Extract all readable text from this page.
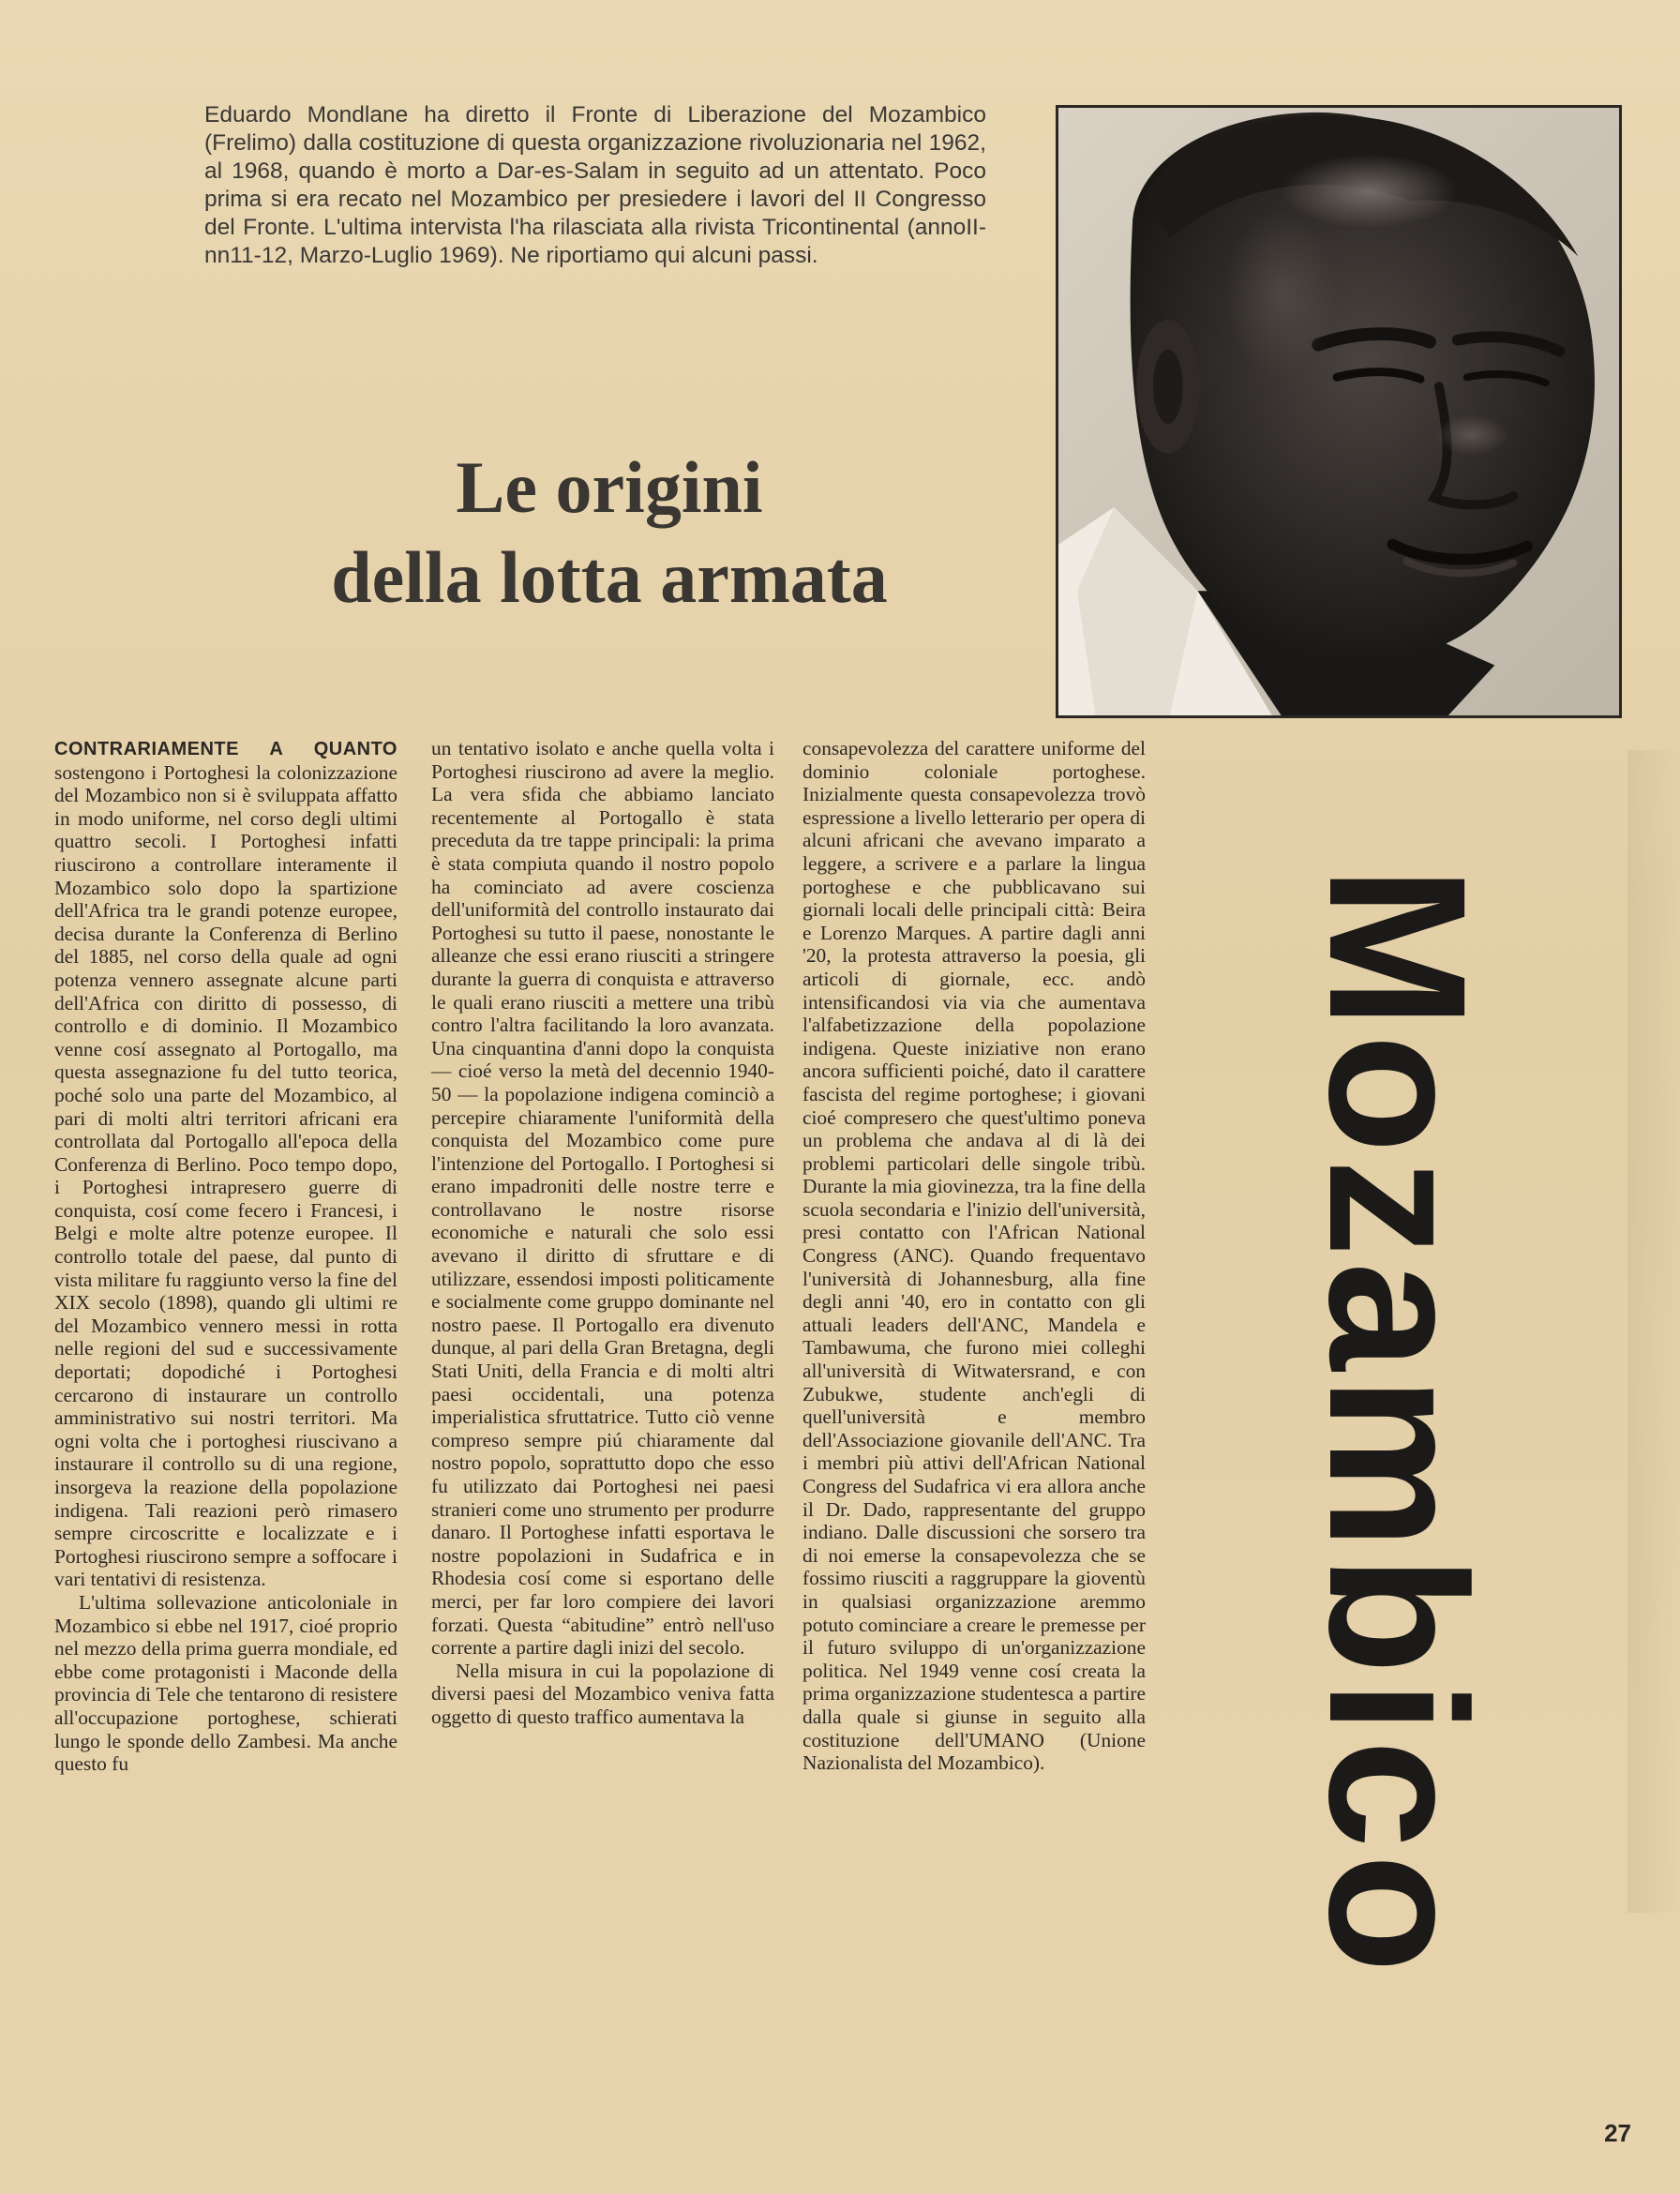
Eduardo Mondlane ha diretto il Fronte di Liberazione del Mozambico (Frelimo) dalla costituzione di questa organizzazione rivoluzionaria nel 1962, al 1968, quando è morto a Dar-es-Salam in seguito ad un attentato. Poco prima si era recato nel Mozambico per presiedere i lavori del II Congresso del Fronte. L'ultima intervista l'ha rilasciata alla rivista Tricontinental (annoII-nn11-12, Marzo-Luglio 1969). Ne riportiamo qui alcuni passi.

Le origini
della lotta armata
Mozambico

CONTRARIAMENTE A QUANTO sostengono i Portoghesi la colonizzazione del Mozambico non si è sviluppata affatto in modo uniforme, nel corso degli ultimi quattro secoli. I Portoghesi infatti riuscirono a controllare interamente il Mozambico solo dopo la spartizione dell'Africa tra le grandi potenze europee, decisa durante la Conferenza di Berlino del 1885, nel corso della quale ad ogni potenza vennero assegnate alcune parti dell'Africa con diritto di possesso, di controllo e di dominio. Il Mozambico venne cosí assegnato al Portogallo, ma questa assegnazione fu del tutto teorica, poché solo una parte del Mozambico, al pari di molti altri territori africani era controllata dal Portogallo all'epoca della Conferenza di Berlino. Poco tempo dopo, i Portoghesi intrapresero guerre di conquista, cosí come fecero i Francesi, i Belgi e molte altre potenze europee. Il controllo totale del paese, dal punto di vista militare fu raggiunto verso la fine del XIX secolo (1898), quando gli ultimi re del Mozambico vennero messi in rotta nelle regioni del sud e successivamente deportati; dopodiché i Portoghesi cercarono di instaurare un controllo amministrativo sui nostri territori. Ma ogni volta che i portoghesi riuscivano a instaurare il controllo su di una regione, insorgeva la reazione della popolazione indigena. Tali reazioni però rimasero sempre circoscritte e localizzate e i Portoghesi riuscirono sempre a soffocare i vari tentativi di resistenza.

L'ultima sollevazione anticoloniale in Mozambico si ebbe nel 1917, cioé proprio nel mezzo della prima guerra mondiale, ed ebbe come protagonisti i Maconde della provincia di Tele che tentarono di resistere all'occupazione portoghese, schierati lungo le sponde dello Zambesi. Ma anche questo fu

un tentativo isolato e anche quella volta i Portoghesi riuscirono ad avere la meglio. La vera sfida che abbiamo lanciato recentemente al Portogallo è stata preceduta da tre tappe principali: la prima è stata compiuta quando il nostro popolo ha cominciato ad avere coscienza dell'uniformità del controllo instaurato dai Portoghesi su tutto il paese, nonostante le alleanze che essi erano riusciti a stringere durante la guerra di conquista e attraverso le quali erano riusciti a mettere una tribù contro l'altra facilitando la loro avanzata. Una cinquantina d'anni dopo la conquista — cioé verso la metà del decennio 1940-50 — la popolazione indigena cominciò a percepire chiaramente l'uniformità della conquista del Mozambico come pure l'intenzione del Portogallo. I Portoghesi si erano impadroniti delle nostre terre e controllavano le nostre risorse economiche e naturali che solo essi avevano il diritto di sfruttare e di utilizzare, essendosi imposti politicamente e socialmente come gruppo dominante nel nostro paese. Il Portogallo era divenuto dunque, al pari della Gran Bretagna, degli Stati Uniti, della Francia e di molti altri paesi occidentali, una potenza imperialistica sfruttatrice. Tutto ciò venne compreso sempre piú chiaramente dal nostro popolo, soprattutto dopo che esso fu utilizzato dai Portoghesi nei paesi stranieri come uno strumento per produrre danaro. Il Portoghese infatti esportava le nostre popolazioni in Sudafrica e in Rhodesia cosí come si esportano delle merci, per far loro compiere dei lavori forzati. Questa “abitudine” entrò nell'uso corrente a partire dagli inizi del secolo.

Nella misura in cui la popolazione di diversi paesi del Mozambico veniva fatta oggetto di questo traffico aumentava la

consapevolezza del carattere uniforme del dominio coloniale portoghese. Inizialmente questa consapevolezza trovò espressione a livello letterario per opera di alcuni africani che avevano imparato a leggere, a scrivere e a parlare la lingua portoghese e che pubblicavano sui giornali locali delle principali città: Beira e Lorenzo Marques. A partire dagli anni '20, la protesta attraverso la poesia, gli articoli di giornale, ecc. andò intensificandosi via via che aumentava l'alfabetizzazione della popolazione indigena. Queste iniziative non erano ancora sufficienti poiché, dato il carattere fascista del regime portoghese; i giovani cioé compresero che quest'ultimo poneva un problema che andava al di là dei problemi particolari delle singole tribù. Durante la mia giovinezza, tra la fine della scuola secondaria e l'inizio dell'università, presi contatto con l'African National Congress (ANC). Quando frequentavo l'università di Johannesburg, alla fine degli anni '40, ero in contatto con gli attuali leaders dell'ANC, Mandela e Tambawuma, che furono miei colleghi all'università di Witwatersrand, e con Zubukwe, studente anch'egli di quell'università e membro dell'Associazione giovanile dell'ANC. Tra i membri più attivi dell'African National Congress del Sudafrica vi era allora anche il Dr. Dado, rappresentante del gruppo indiano. Dalle discussioni che sorsero tra di noi emerse la consapevolezza che se fossimo riusciti a raggruppare la gioventù in qualsiasi organizzazione aremmo potuto cominciare a creare le premesse per il futuro sviluppo di un'organizzazione politica. Nel 1949 venne cosí creata la prima organizzazione studentesca a partire dalla quale si giunse in seguito alla costituzione dell'UMANO (Unione Nazionalista del Mozambico).

27
